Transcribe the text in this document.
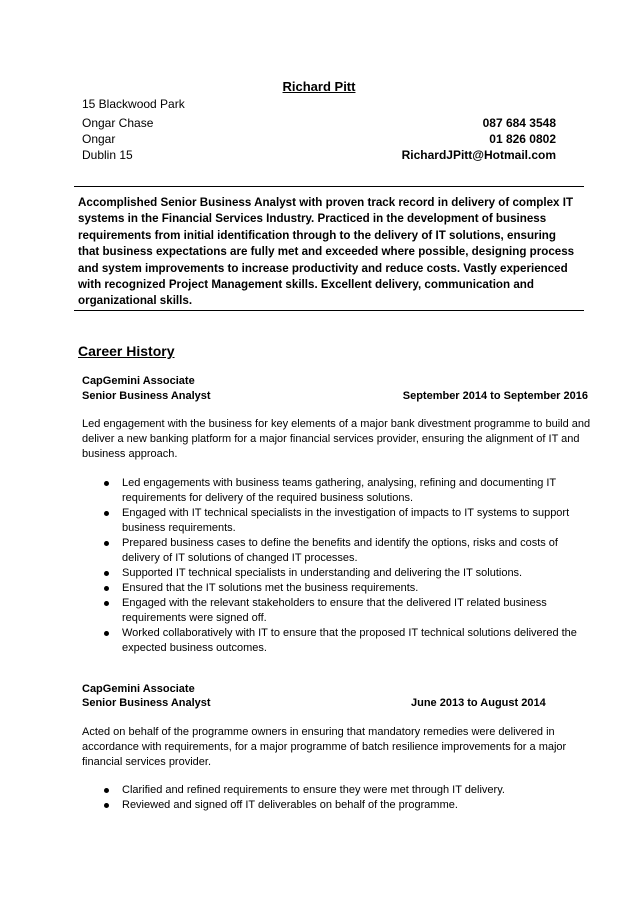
Richard Pitt
15 Blackwood Park
Ongar Chase
Ongar
Dublin 15
087 684 3548
01 826 0802
RichardJPitt@Hotmail.com
Accomplished Senior Business Analyst with proven track record in delivery of complex IT systems in the Financial Services Industry. Practiced in the development of business requirements from initial identification through to the delivery of IT solutions, ensuring that business expectations are fully met and exceeded where possible, designing process and system improvements to increase productivity and reduce costs. Vastly experienced with recognized Project Management skills. Excellent delivery, communication and organizational skills.
Career History
CapGemini Associate
Senior Business Analyst	September 2014 to September 2016
Led engagement with the business for key elements of a major bank divestment programme to build and deliver a new banking platform for a major financial services provider, ensuring the alignment of IT and business approach.
Led engagements with business teams gathering, analysing, refining and documenting IT requirements for delivery of the required business solutions.
Engaged with IT technical specialists in the investigation of impacts to IT systems to support business requirements.
Prepared business cases to define the benefits and identify the options, risks and costs of delivery of IT solutions of changed IT processes.
Supported IT technical specialists in understanding and delivering the IT solutions.
Ensured that the IT solutions met the business requirements.
Engaged with the relevant stakeholders to ensure that the delivered IT related business requirements were signed off.
Worked collaboratively with IT to ensure that the proposed IT technical solutions delivered the expected business outcomes.
CapGemini Associate
Senior Business Analyst	June 2013 to August 2014
Acted on behalf of the programme owners in ensuring that mandatory remedies were delivered in accordance with requirements, for a major programme of batch resilience improvements for a major financial services provider.
Clarified and refined requirements to ensure they were met through IT delivery.
Reviewed and signed off IT deliverables on behalf of the programme.
